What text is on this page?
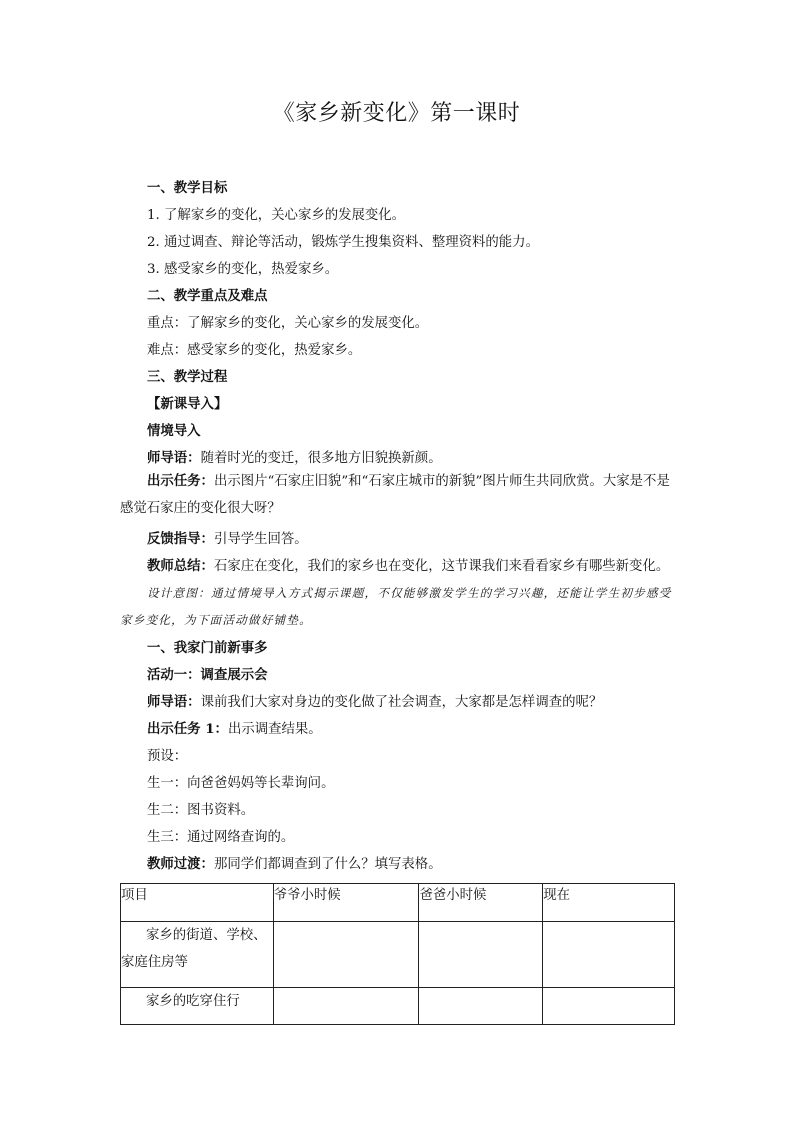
《家乡新变化》第一课时
一、教学目标
1. 了解家乡的变化，关心家乡的发展变化。
2. 通过调查、辩论等活动，锻炼学生搜集资料、整理资料的能力。
3. 感受家乡的变化，热爱家乡。
二、教学重点及难点
重点：了解家乡的变化，关心家乡的发展变化。
难点：感受家乡的变化，热爱家乡。
三、教学过程
【新课导入】
情境导入
师导语：随着时光的变迁，很多地方旧貌换新颜。
出示任务：出示图片“石家庄旧貌”和“石家庄城市的新貌”图片师生共同欣赏。大家是不是感觉石家庄的变化很大呀？
反馈指导：引导学生回答。
教师总结：石家庄在变化，我们的家乡也在变化，这节课我们来看看家乡有哪些新变化。
设计意图：通过情境导入方式揭示课题，不仅能够激发学生的学习兴趣，还能让学生初步感受家乡变化，为下面活动做好铺垫。
一、我家门前新事多
活动一：调查展示会
师导语：课前我们大家对身边的变化做了社会调查，大家都是怎样调查的呢？
出示任务 1：出示调查结果。
预设：
生一：向爸爸妈妈等长辈询问。
生二：图书资料。
生三：通过网络查询的。
教师过渡：那同学们都调查到了什么？填写表格。
项目	爷爷小时候	爸爸小时候	现在
家乡的街道、学校、家庭住房等			
家乡的吃穿住行			
